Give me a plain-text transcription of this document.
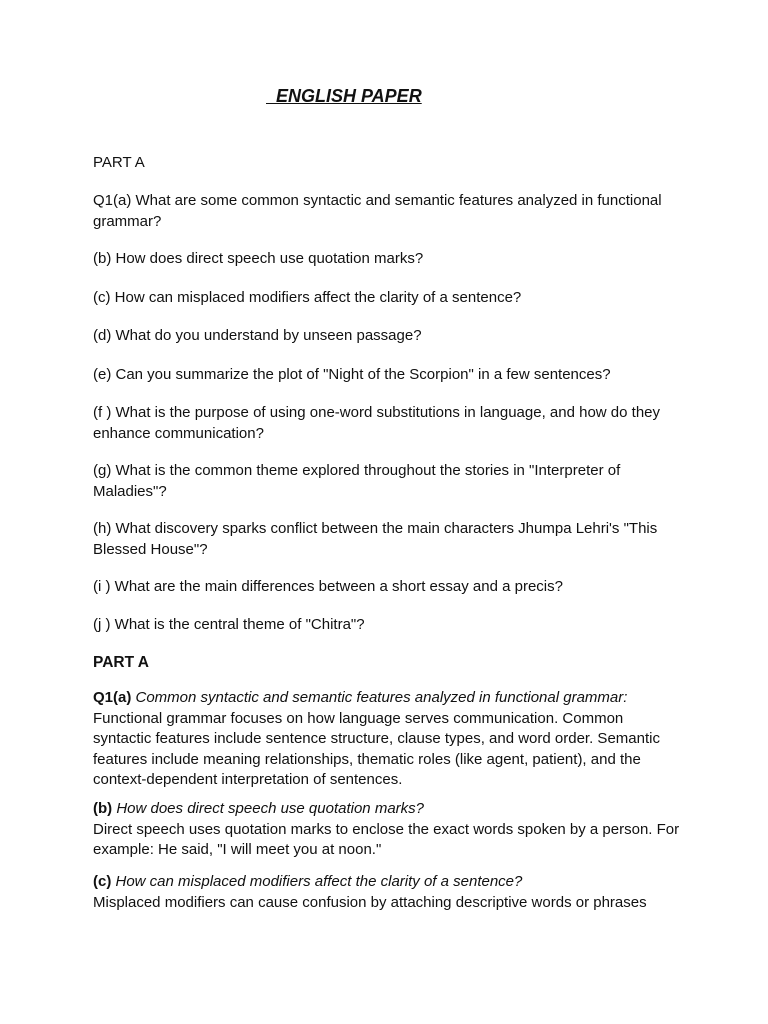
ENGLISH PAPER

PART A

Q1(a) What are some common syntactic and semantic features analyzed in functional grammar?

(b) How does direct speech use quotation marks?

(c) How can misplaced modifiers affect the clarity of a sentence?

(d) What do you understand by unseen passage?

(e) Can you summarize the plot of "Night of the Scorpion" in a few sentences?

(f ) What is the purpose of using one-word substitutions in language, and how do they enhance communication?

(g) What is the common theme explored throughout the stories in "Interpreter of Maladies"?

(h) What discovery sparks conflict between the main characters Jhumpa Lehri's "This Blessed House"?

(i ) What are the main differences between a short essay and a precis?

(j ) What is the central theme of "Chitra"?

PART A
Q1(a) Common syntactic and semantic features analyzed in functional grammar:
Functional grammar focuses on how language serves communication. Common syntactic features include sentence structure, clause types, and word order. Semantic features include meaning relationships, thematic roles (like agent, patient), and the context-dependent interpretation of sentences.
(b) How does direct speech use quotation marks?
Direct speech uses quotation marks to enclose the exact words spoken by a person. For example: He said, "I will meet you at noon."
(c) How can misplaced modifiers affect the clarity of a sentence?
Misplaced modifiers can cause confusion by attaching descriptive words or phrases
